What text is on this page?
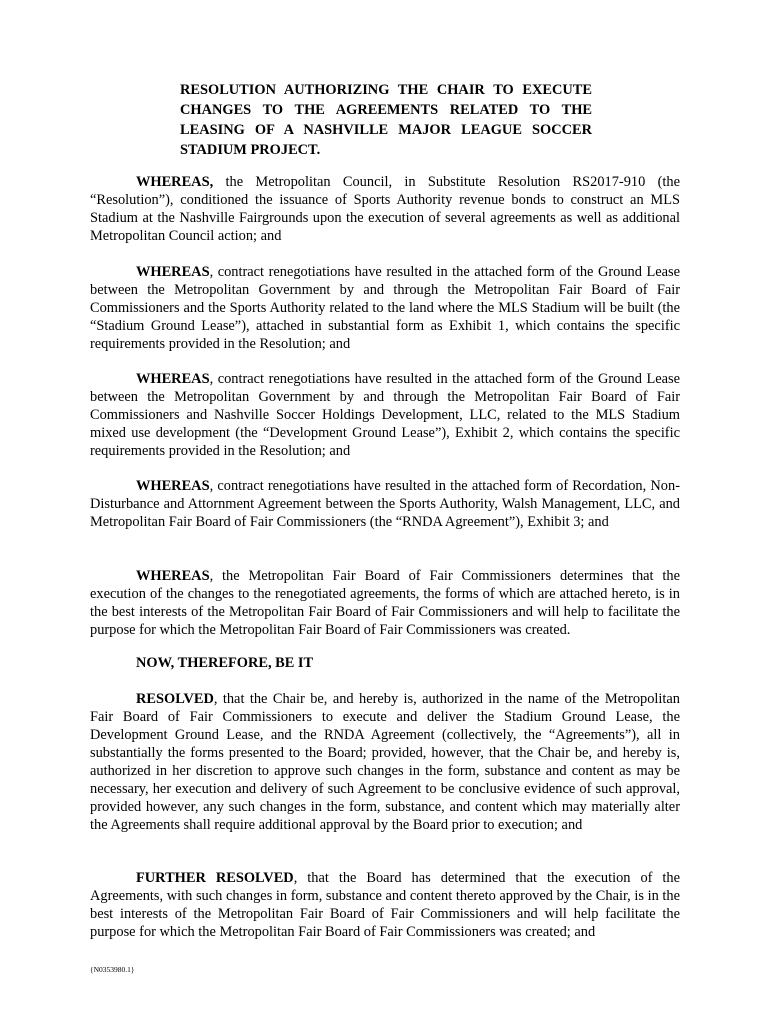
RESOLUTION AUTHORIZING THE CHAIR TO EXECUTE CHANGES TO THE AGREEMENTS RELATED TO THE LEASING OF A NASHVILLE MAJOR LEAGUE SOCCER STADIUM PROJECT.

WHEREAS, the Metropolitan Council, in Substitute Resolution RS2017-910 (the “Resolution”), conditioned the issuance of Sports Authority revenue bonds to construct an MLS Stadium at the Nashville Fairgrounds upon the execution of several agreements as well as additional Metropolitan Council action; and

WHEREAS, contract renegotiations have resulted in the attached form of the Ground Lease between the Metropolitan Government by and through the Metropolitan Fair Board of Fair Commissioners and the Sports Authority related to the land where the MLS Stadium will be built (the “Stadium Ground Lease”), attached in substantial form as Exhibit 1, which contains the specific requirements provided in the Resolution; and

WHEREAS, contract renegotiations have resulted in the attached form of the Ground Lease between the Metropolitan Government by and through the Metropolitan Fair Board of Fair Commissioners and Nashville Soccer Holdings Development, LLC, related to the MLS Stadium mixed use development (the “Development Ground Lease”), Exhibit 2, which contains the specific requirements provided in the Resolution; and

WHEREAS, contract renegotiations have resulted in the attached form of Recordation, Non-Disturbance and Attornment Agreement between the Sports Authority, Walsh Management, LLC, and Metropolitan Fair Board of Fair Commissioners (the “RNDA Agreement”), Exhibit 3; and

WHEREAS, the Metropolitan Fair Board of Fair Commissioners determines that the execution of the changes to the renegotiated agreements, the forms of which are attached hereto, is in the best interests of the Metropolitan Fair Board of Fair Commissioners and will help to facilitate the purpose for which the Metropolitan Fair Board of Fair Commissioners was created.

NOW, THEREFORE, BE IT

RESOLVED, that the Chair be, and hereby is, authorized in the name of the Metropolitan Fair Board of Fair Commissioners to execute and deliver the Stadium Ground Lease, the Development Ground Lease, and the RNDA Agreement (collectively, the “Agreements”), all in substantially the forms presented to the Board; provided, however, that the Chair be, and hereby is, authorized in her discretion to approve such changes in the form, substance and content as may be necessary, her execution and delivery of such Agreement to be conclusive evidence of such approval, provided however, any such changes in the form, substance, and content which may materially alter the Agreements shall require additional approval by the Board prior to execution; and

FURTHER RESOLVED, that the Board has determined that the execution of the Agreements, with such changes in form, substance and content thereto approved by the Chair, is in the best interests of the Metropolitan Fair Board of Fair Commissioners and will help facilitate the purpose for which the Metropolitan Fair Board of Fair Commissioners was created; and

{N0353980.1}
